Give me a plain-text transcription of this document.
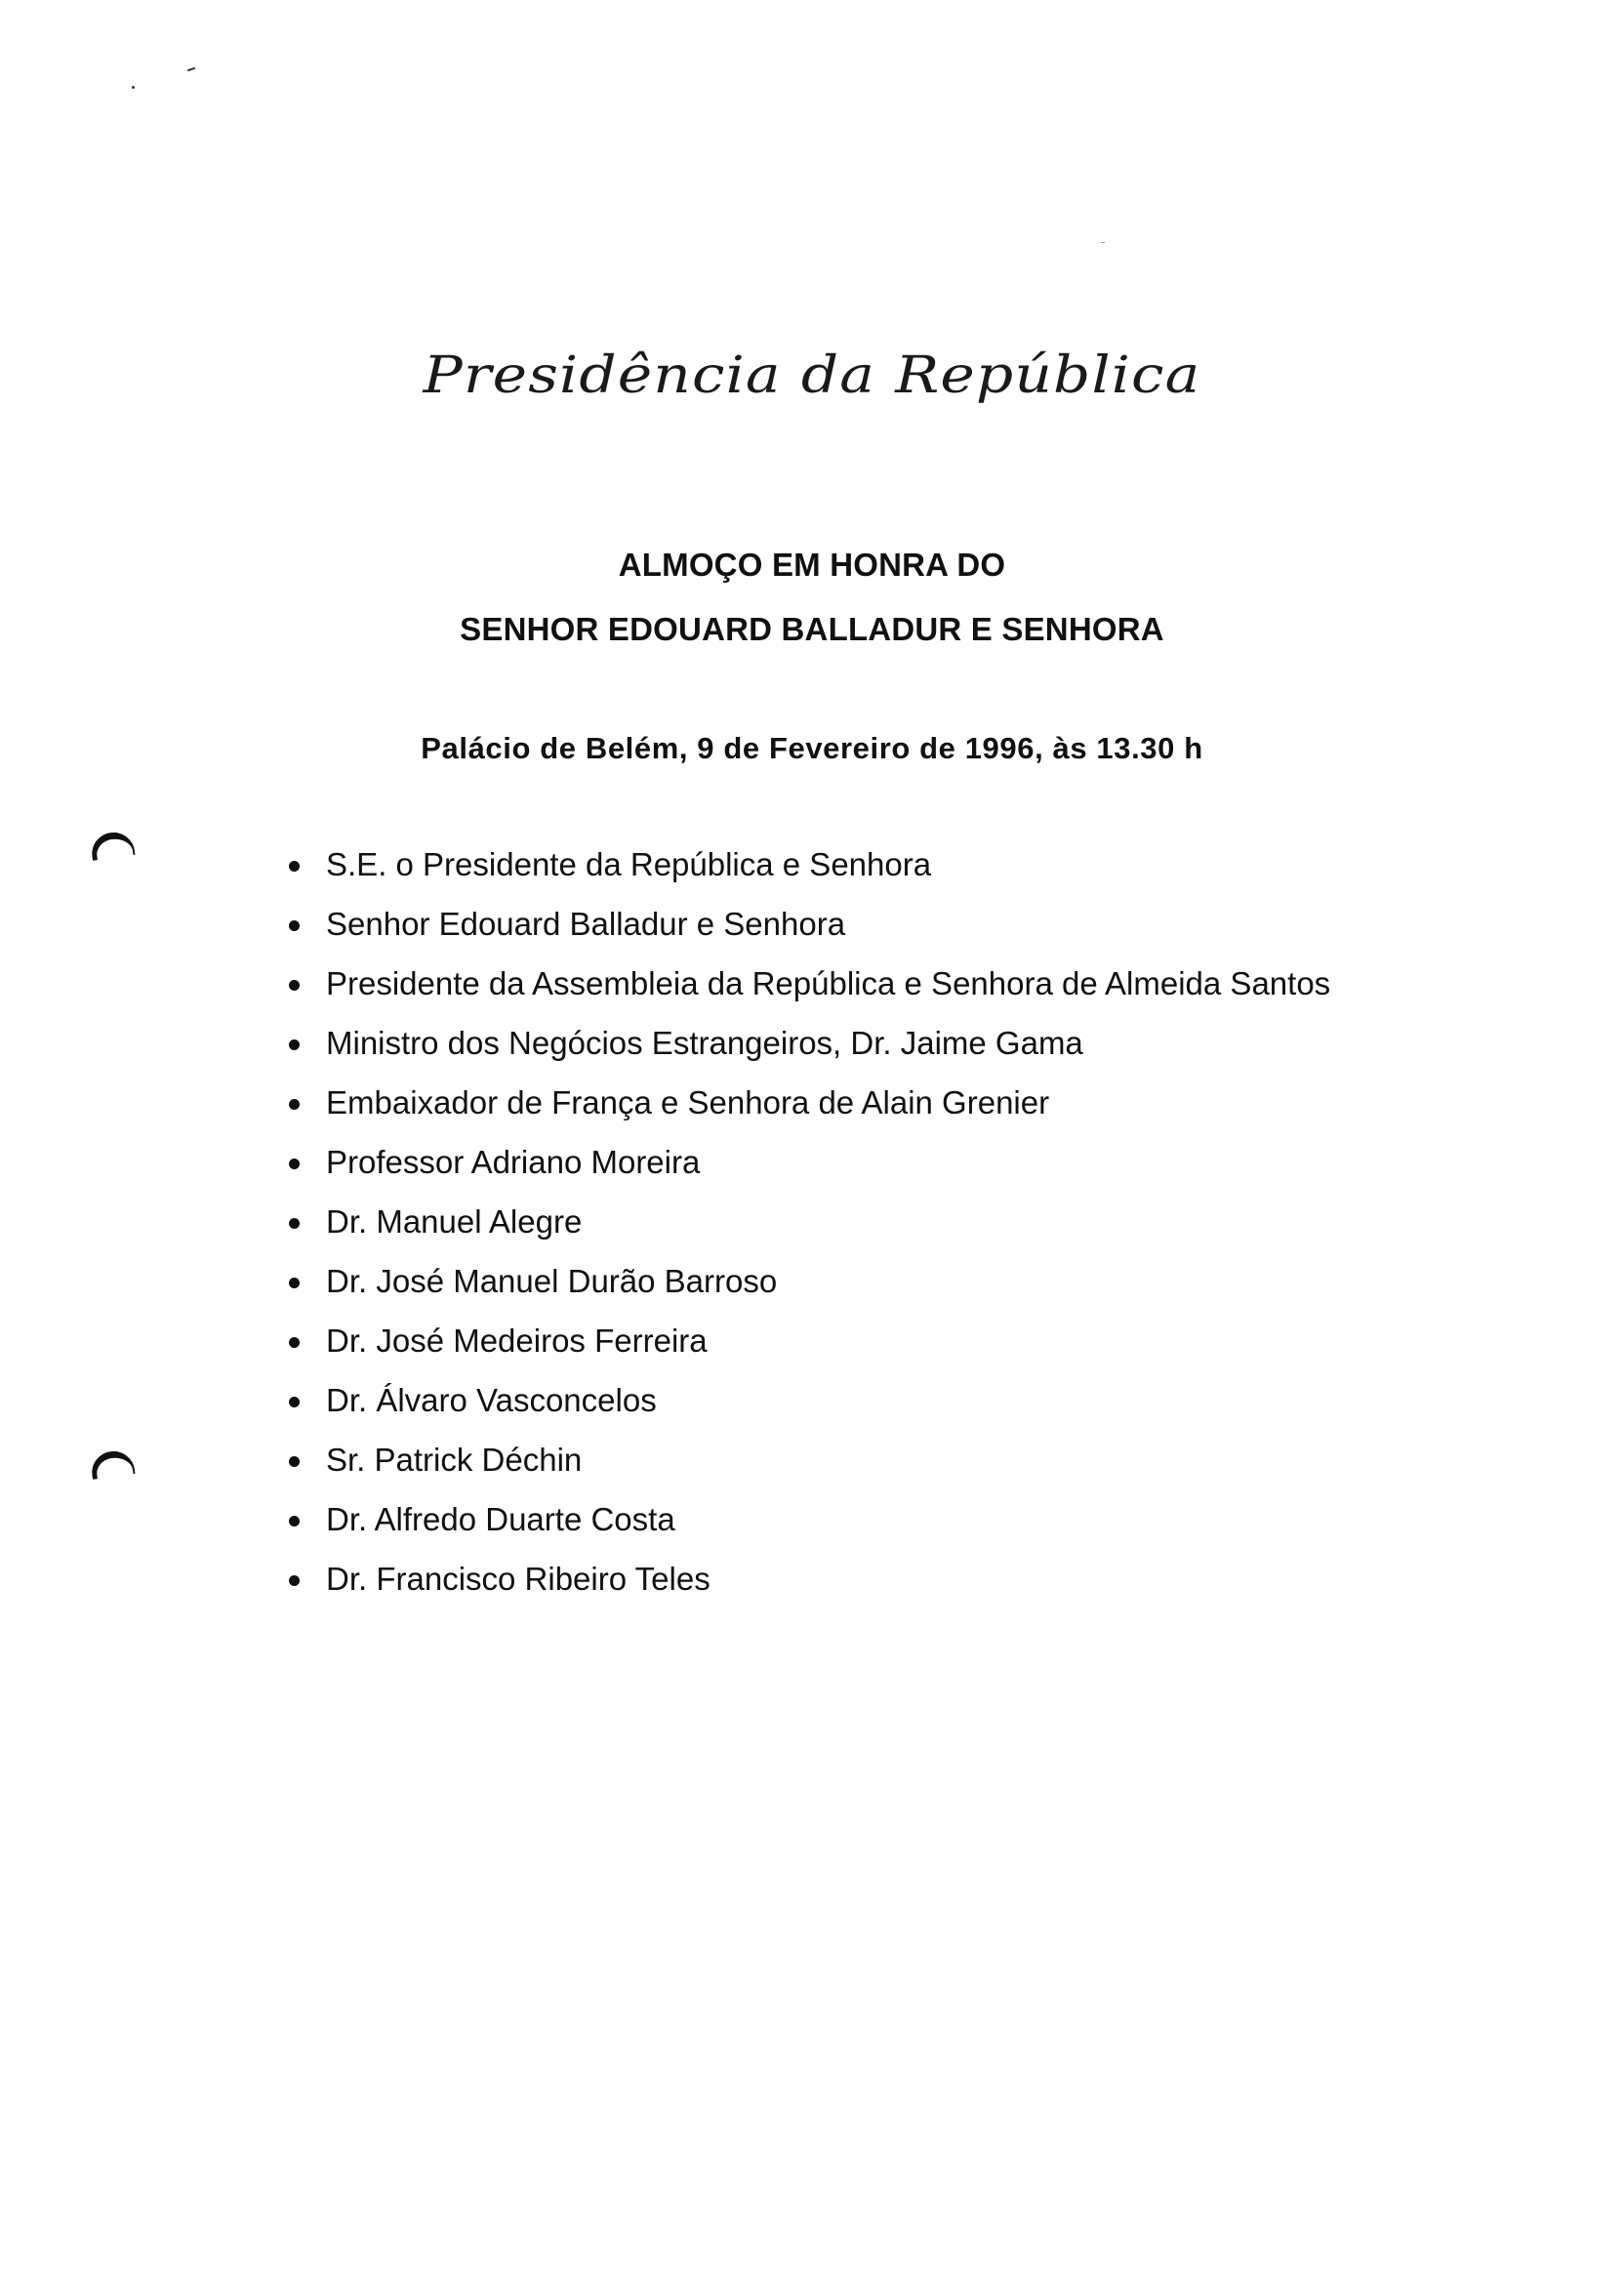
Presidência da República
ALMOÇO EM HONRA DO
SENHOR EDOUARD BALLADUR E SENHORA
Palácio de Belém, 9 de Fevereiro de 1996, às 13.30 h
S.E. o Presidente da República e Senhora
Senhor Edouard Balladur e Senhora
Presidente da Assembleia da República e Senhora de Almeida Santos
Ministro dos Negócios Estrangeiros, Dr. Jaime Gama
Embaixador de França e Senhora de Alain Grenier
Professor Adriano Moreira
Dr. Manuel Alegre
Dr. José Manuel Durão Barroso
Dr. José Medeiros Ferreira
Dr. Álvaro Vasconcelos
Sr. Patrick Déchin
Dr. Alfredo Duarte Costa
Dr. Francisco Ribeiro Teles
